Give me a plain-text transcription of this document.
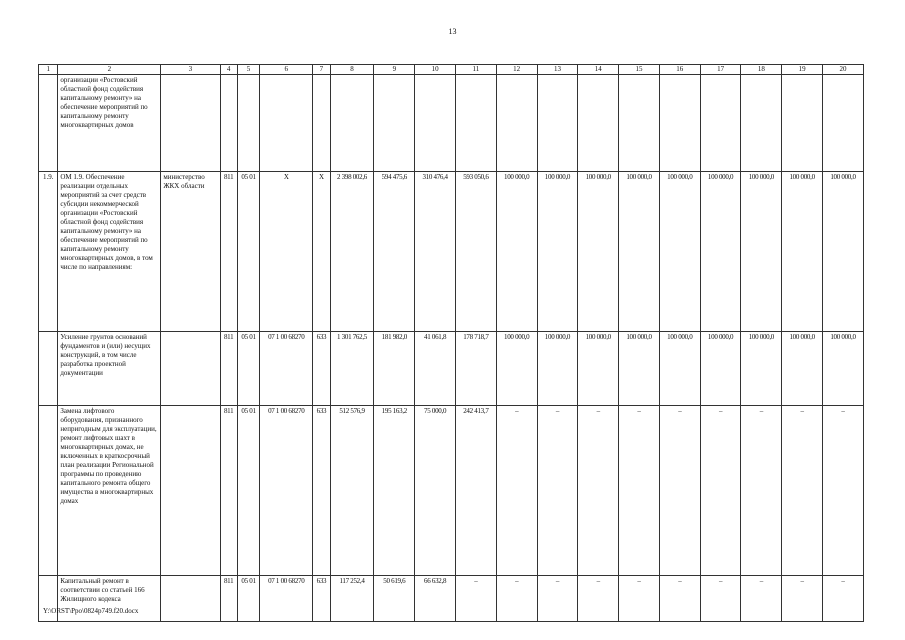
13
1	2	3	4	5	6	7	8	9	10	11	12	13	14	15	16	17	18	19	20
	организации «Ростовский областной фонд содействия капитальному ремонту» на обеспечение мероприятий по капитальному ремонту многоквартирных домов																		
1.9.	ОМ 1.9. Обеспечение реализации отдельных мероприятий за счет средств субсидии некоммерческой организации «Ростовский областной фонд содействия капитальному ремонту» на обеспечение мероприятий по капитальному ремонту многоквартирных домов, в том числе по направлениям:	министерство ЖКХ области	811	05 01	Х	Х	2 398 002,6	594 475,6	310 476,4	593 050,6	100 000,0	100 000,0	100 000,0	100 000,0	100 000,0	100 000,0	100 000,0	100 000,0	100 000,0
	Усиление грунтов оснований фундаментов и (или) несущих конструкций, в том числе разработка проектной документации		811	05 01	07 1 00 68270	633	1 301 762,5	181 982,0	41 061,8	178 718,7	100 000,0	100 000,0	100 000,0	100 000,0	100 000,0	100 000,0	100 000,0	100 000,0	100 000,0
	Замена лифтового оборудования, признанного непригодным для эксплуатации, ремонт лифтовых шахт в многоквартирных домах, не включенных в краткосрочный план реализации Региональной программы по проведению капитального ремонта общего имущества в многоквартирных домах		811	05 01	07 1 00 68270	633	512 576,9	195 163,2	75 000,0	242 413,7	–	–	–	–	–	–	–	–	–
	Капитальный ремонт в соответствии со статьей 166 Жилищного кодекса		811	05 01	07 1 00 68270	633	117 252,4	50 619,6	66 632,8	–	–	–	–	–	–	–	–	–	–
Y:\ORST\Ppo\0824p749.f20.docx
